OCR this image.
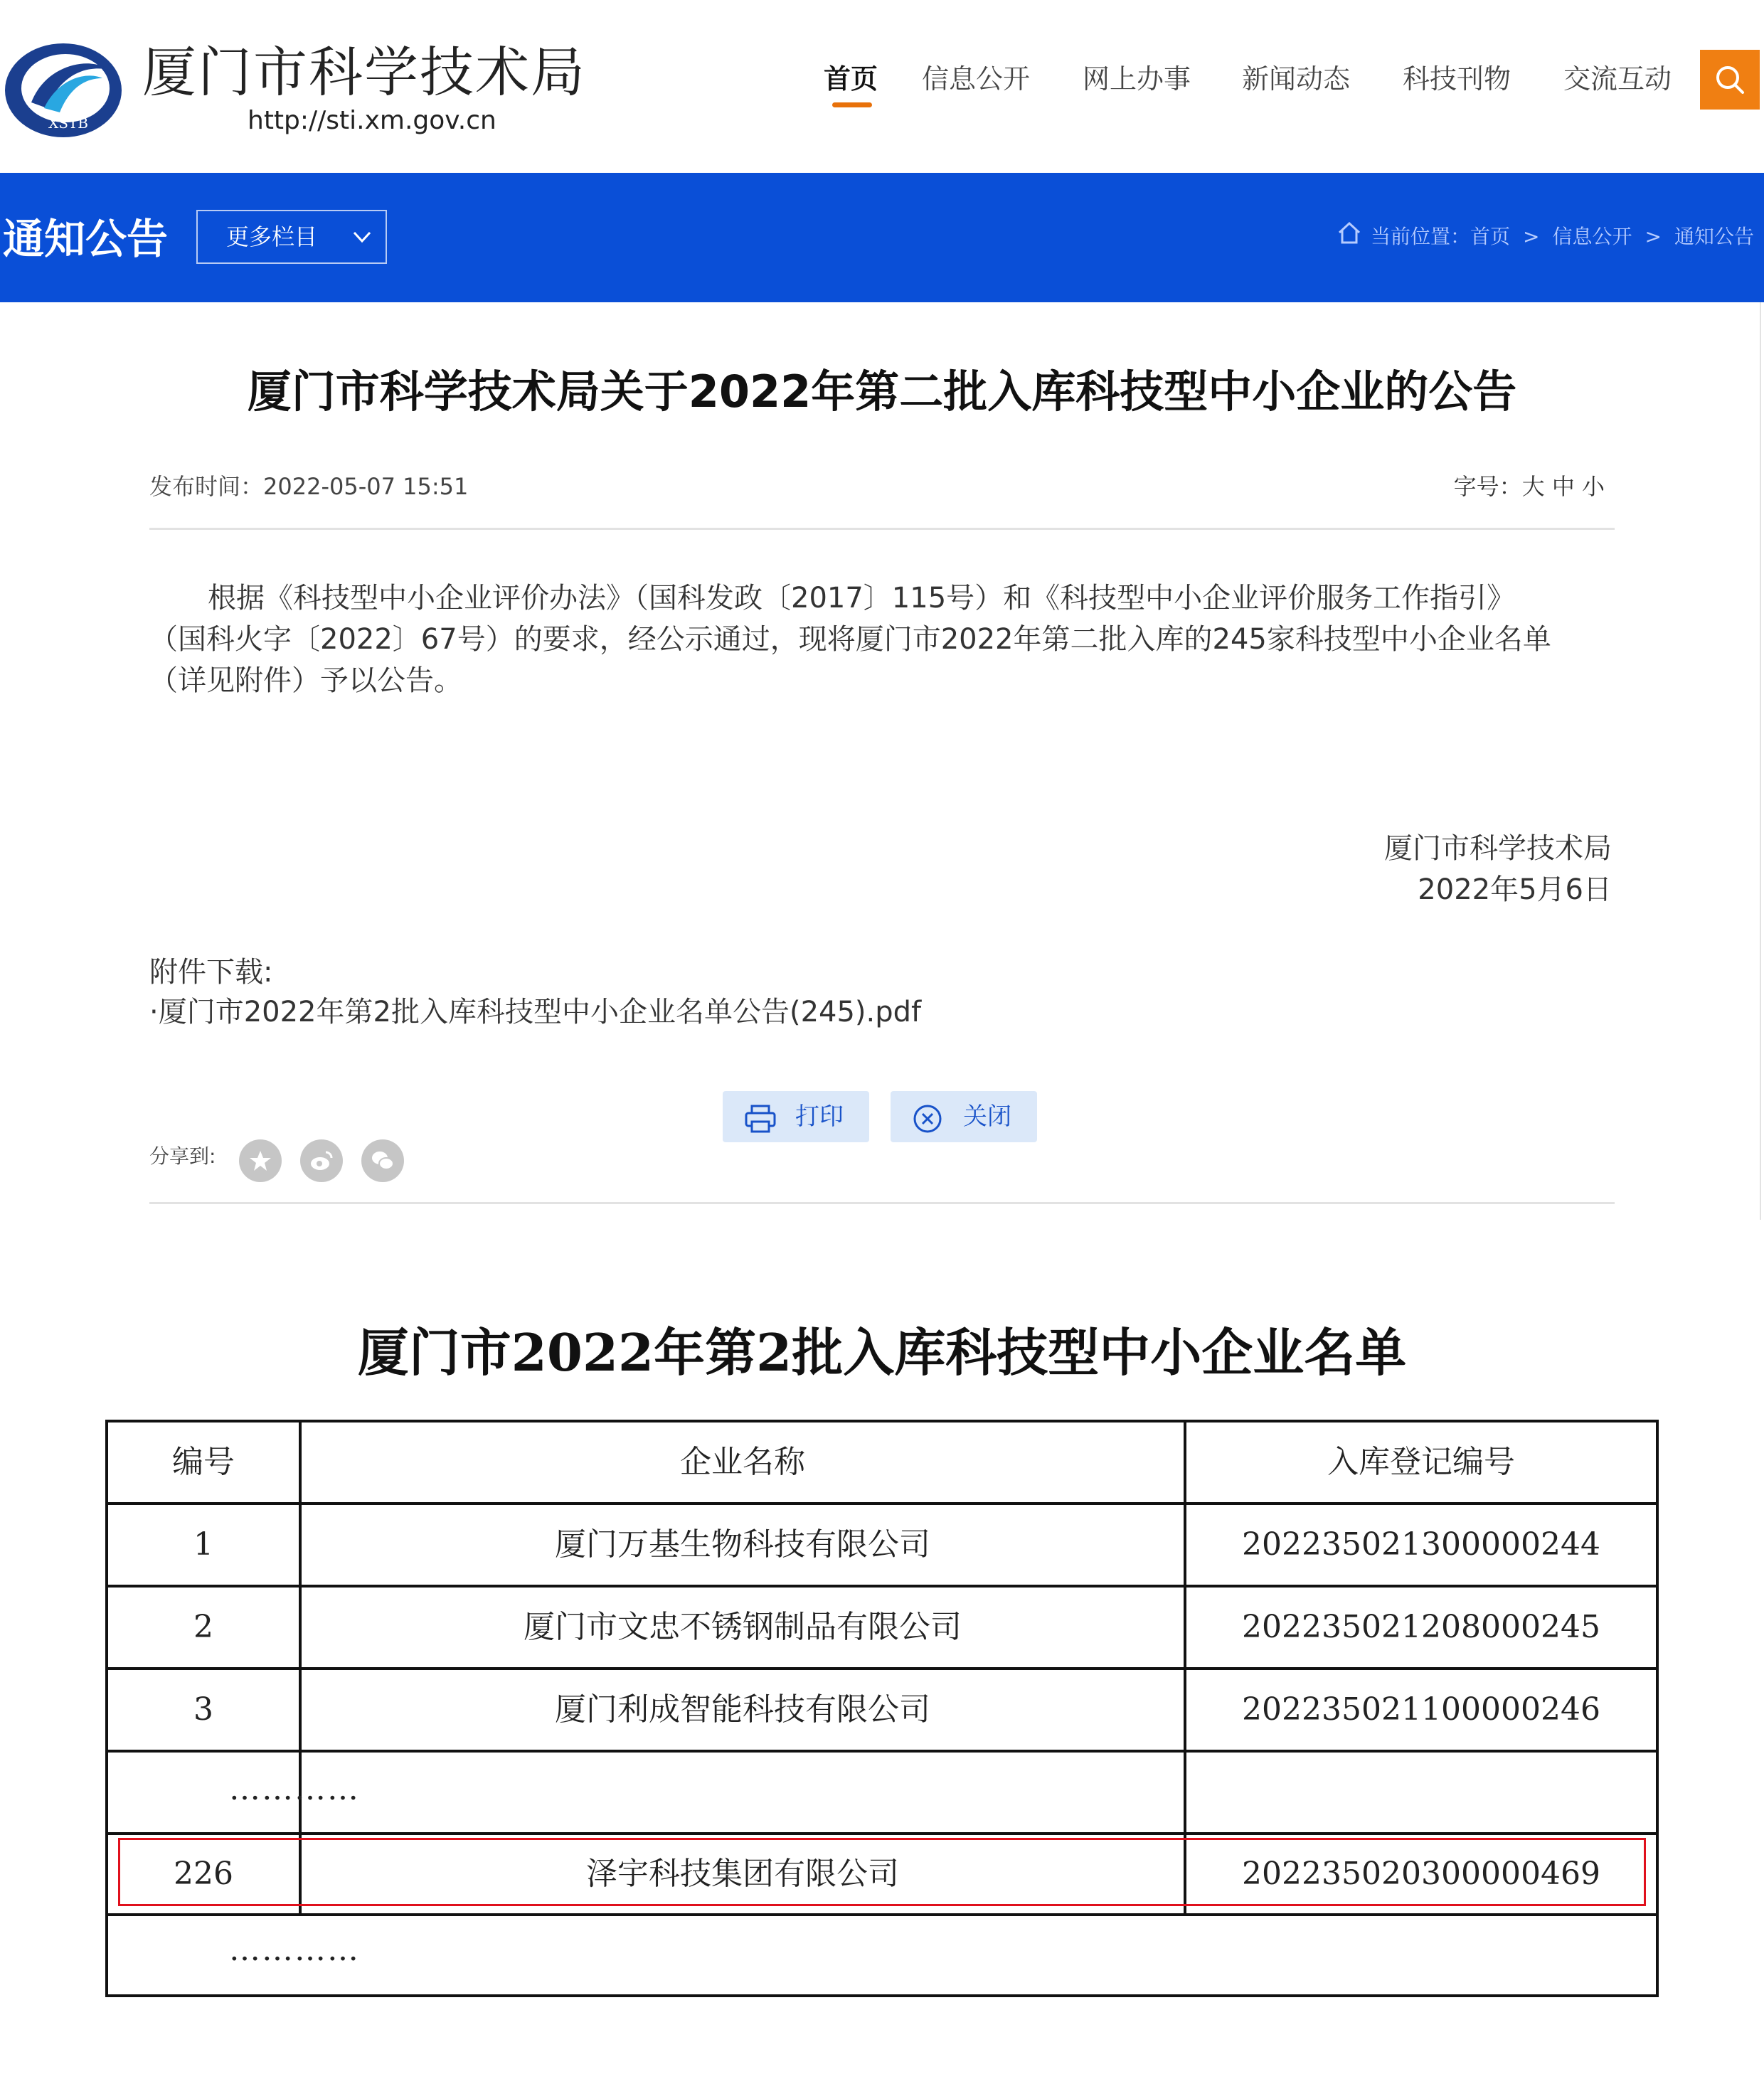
XSTB
厦门市科学技术局
http://sti.xm.gov.cn
首页 信息公开 网上办事 新闻动态 科技刊物 交流互动
通知公告	更多栏目	当前位置： 首页 > 信息公开 > 通知公告
厦门市科学技术局关于2022年第二批入库科技型中小企业的公告
发布时间：2022-05-07 15:51	字号：大 中 小
根据《科技型中小企业评价办法》（国科发政〔2017〕115号）和《科技型中小企业评价服务工作指引》
（国科火字〔2022〕67号）的要求，经公示通过，现将厦门市2022年第二批入库的245家科技型中小企业名单
（详见附件）予以公告。
厦门市科学技术局
2022年5月6日
附件下载:
·厦门市2022年第2批入库科技型中小企业名单公告(245).pdf
打印	关闭
分享到:
厦门市2022年第2批入库科技型中小企业名单
编号	企业名称	入库登记编号
1	厦门万基生物科技有限公司	202235021300000244
2	厦门市文忠不锈钢制品有限公司	202235021208000245
3	厦门利成智能科技有限公司	202235021100000246
…………
226	泽宇科技集团有限公司	202235020300000469
…………
